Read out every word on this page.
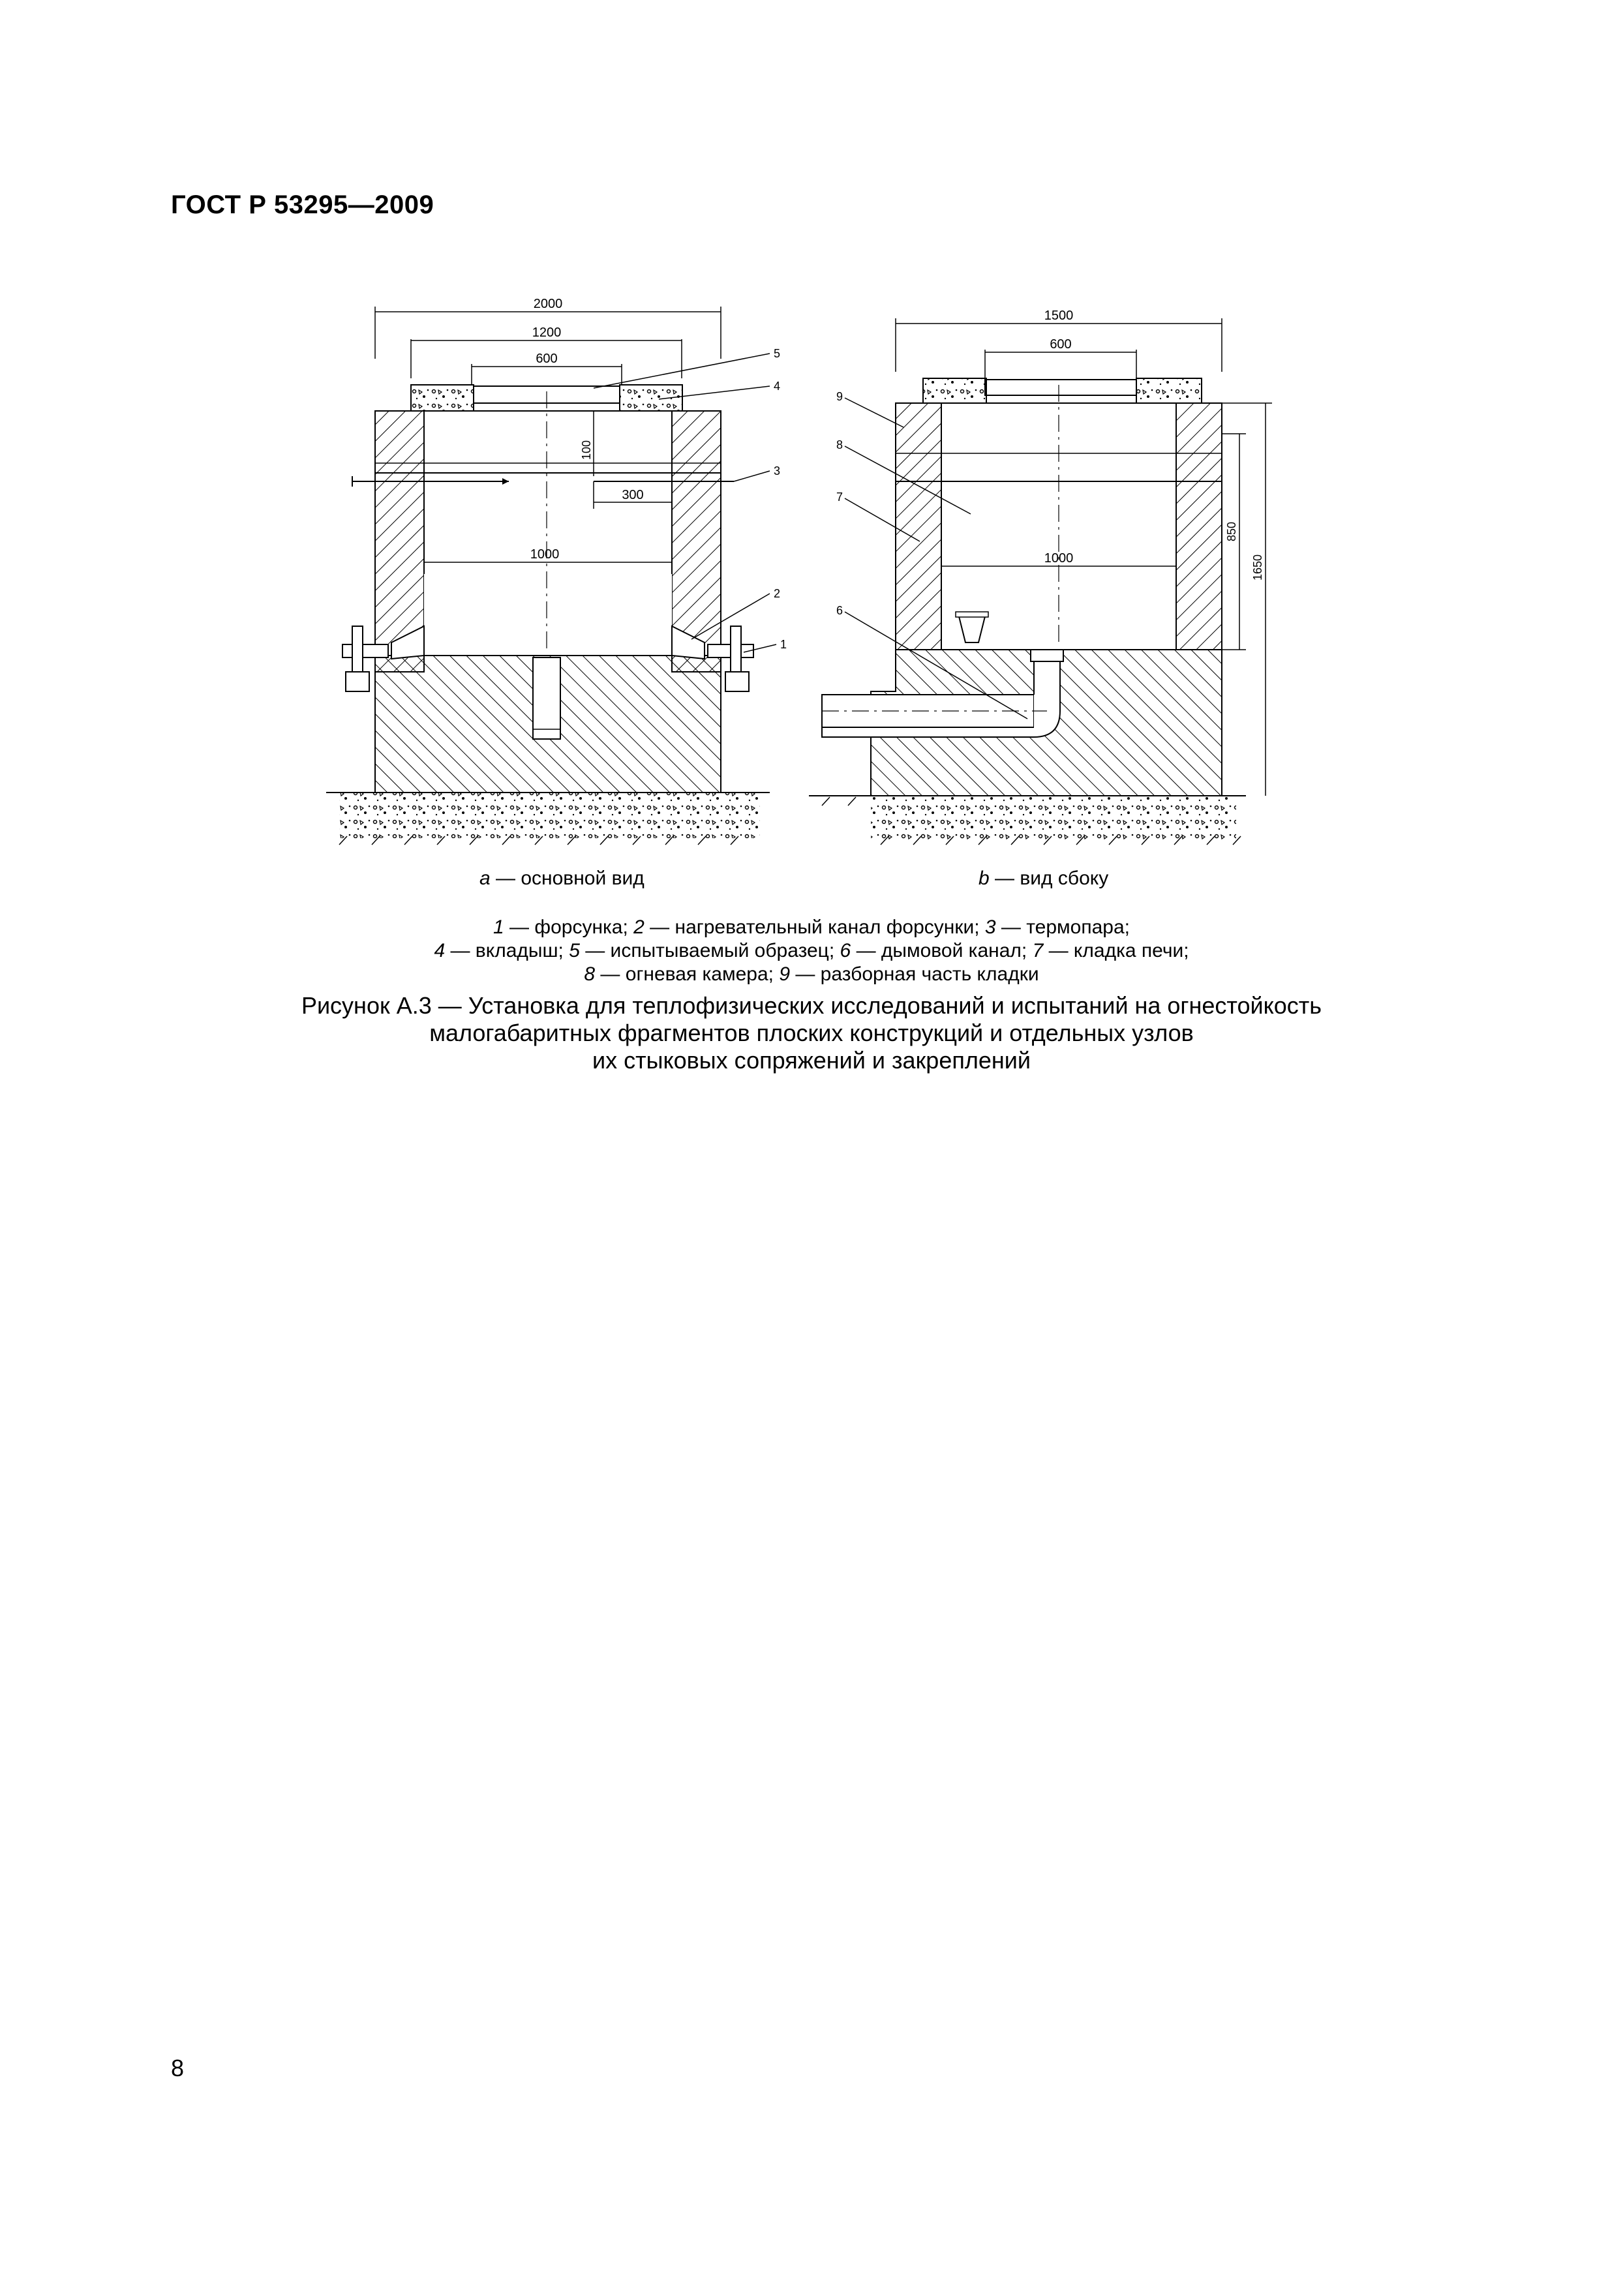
ГОСТ Р 53295—2009
2000
1200
600
100
300
1000
5
4
3
2
1
1500
600
1000
850
1650
9
8
7
6
a — основной вид	b — вид сбоку
1 — форсунка; 2 — нагревательный канал форсунки; 3 — термопара;
4 — вкладыш; 5 — испытываемый образец; 6 — дымовой канал; 7 — кладка печи;
8 — огневая камера; 9 — разборная часть кладки
Рисунок А.3 — Установка для теплофизических исследований и испытаний на огнестойкость
малогабаритных фрагментов плоских конструкций и отдельных узлов
их стыковых сопряжений и закреплений
8
